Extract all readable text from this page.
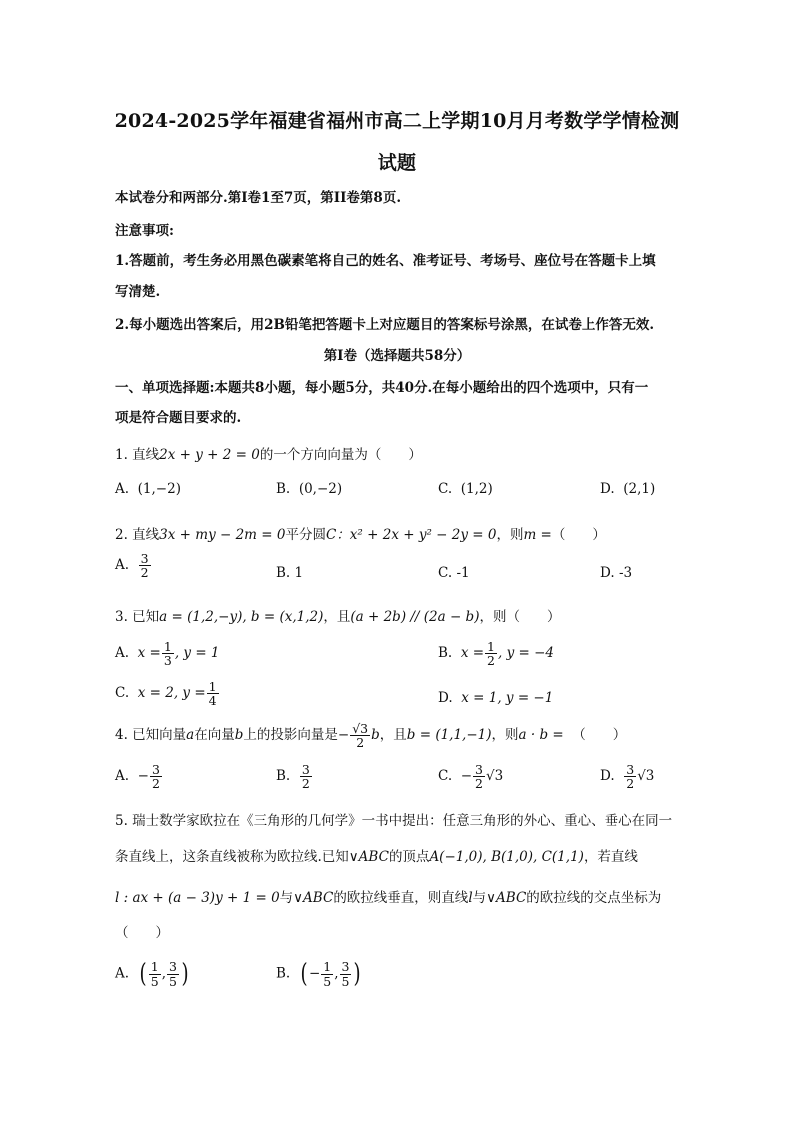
2024-2025学年福建省福州市高二上学期10月月考数学学情检测
试题
本试卷分和两部分.第I卷1至7页，第II卷第8页.
注意事项:
1.答题前，考生务必用黑色碳素笔将自己的姓名、准考证号、考场号、座位号在答题卡上填
写清楚.
2.每小题选出答案后，用2B铅笔把答题卡上对应题目的答案标号涂黑，在试卷上作答无效.
第I卷（选择题共58分）
一、单项选择题:本题共8小题，每小题5分，共40分.在每小题给出的四个选项中，只有一
项是符合题目要求的.
1. 直线2x + y + 2 = 0的一个方向向量为（　　）
A. (1,−2)	B. (0,−2)	C. (1,2)	D. (2,1)
2. 直线3x + my − 2m = 0平分圆C：x² + 2x + y² − 2y = 0，则m =（　　）
A. $\frac{3}{2}$	B. 1	C. -1	D. -3
3. 已知a = (1,2,−y), b = (x,1,2)，且(a + 2b) // (2a − b)，则（　　）
A. $x = \frac{1}{3}$ , y = 1	B. $x = \frac{1}{2}$ , y = −4
C. x = 2, $y = \frac{1}{4}$	D. x = 1, y = −1
4. 已知向量a在向量b上的投影向量是− $\frac{√3}{2}$ b，且b = (1,1,−1)，则a · b = （　　）
A. − $\frac{3}{2}$	B. $\frac{3}{2}$	C. − $\frac{3}{2} √3$	D. $\frac{3}{2} √3$
5. 瑞士数学家欧拉在《三角形的几何学》一书中提出：任意三角形的外心、重心、垂心在同一
条直线上，这条直线被称为欧拉线.已知∨ABC的顶点A(−1,0), B(1,0), C(1,1)，若直线
l : ax + (a − 3)y + 1 = 0与∨ABC的欧拉线垂直，则直线l与∨ABC的欧拉线的交点坐标为
（　　）
A. ( $\frac{1}{5}$ , $\frac{3}{5}$ )	B. ( − $\frac{1}{5}$ , $\frac{3}{5}$ )
